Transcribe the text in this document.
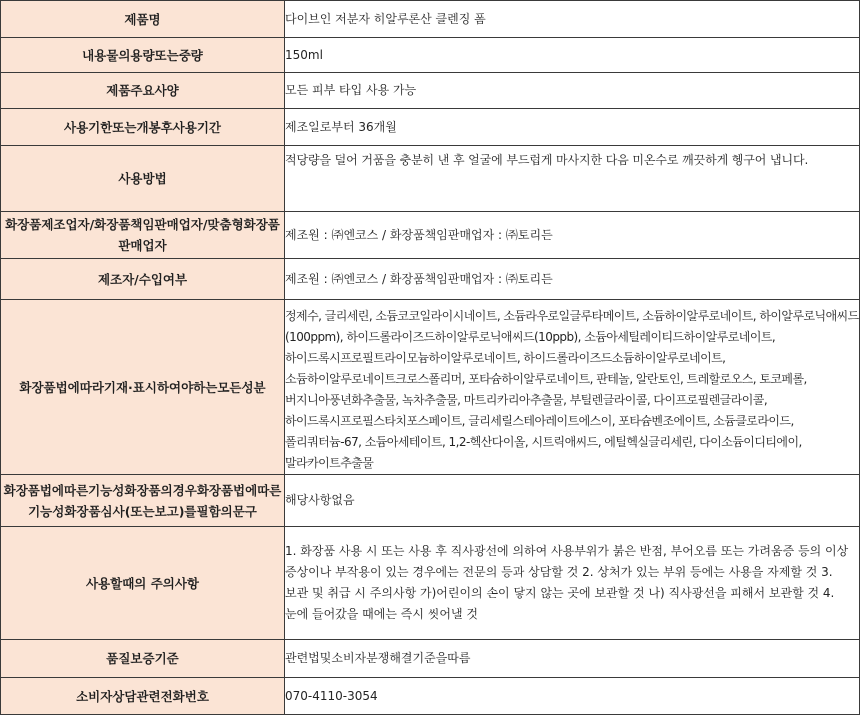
제품명	다이브인 저분자 히알루론산 클렌징 폼
내용물의용량또는중량	150ml
제품주요사양	모든 피부 타입 사용 가능
사용기한또는개봉후사용기간	제조일로부터 36개월
사용방법	적당량을 덜어 거품을 충분히 낸 후 얼굴에 부드럽게 마사지한 다음 미온수로 깨끗하게 헹구어 냅니다.
화장품제조업자/화장품책임판매업자/맞춤형화장품판매업자	제조원 : ㈜엔코스 / 화장품책임판매업자 : ㈜토리든
제조자/수입여부	제조원 : ㈜엔코스 / 화장품책임판매업자 : ㈜토리든
화장품법에따라기재·표시하여야하는모든성분	정제수, 글리세린, 소듐코코일라이시네이트, 소듐라우로일글루타메이트, 소듐하이알루로네이트, 하이알루로닉애씨드(100ppm), 하이드롤라이즈드하이알루로닉애씨드(10ppb), 소듐아세틸레이티드하이알루로네이트, 하이드록시프로필트라이모늄하이알루로네이트, 하이드롤라이즈드소듐하이알루로네이트, 소듐하이알루로네이트크로스폴리머, 포타슘하이알루로네이트, 판테놀, 알란토인, 트레할로오스, 토코페롤, 버지니아풍년화추출물, 녹차추출물, 마트리카리아추출물, 부틸렌글라이콜, 다이프로필렌글라이콜, 하이드록시프로필스타치포스페이트, 글리세릴스테아레이트에스이, 포타슘벤조에이트, 소듐클로라이드, 폴리쿼터늄-67, 소듐아세테이트, 1,2-헥산다이올, 시트릭애씨드, 에틸헥실글리세린, 다이소듐이디티에이, 말라카이트추출물
화장품법에따른기능성화장품의경우화장품법에따른기능성화장품심사(또는보고)를필함의문구	해당사항없음
사용할때의 주의사항	1. 화장품 사용 시 또는 사용 후 직사광선에 의하여 사용부위가 붉은 반점, 부어오름 또는 가려움증 등의 이상 증상이나 부작용이 있는 경우에는 전문의 등과 상담할 것 2. 상처가 있는 부위 등에는 사용을 자제할 것 3. 보관 및 취급 시 주의사항 가)어린이의 손이 닿지 않는 곳에 보관할 것 나) 직사광선을 피해서 보관할 것 4. 눈에 들어갔을 때에는 즉시 씻어낼 것
품질보증기준	관련법및소비자분쟁해결기준을따름
소비자상담관련전화번호	070-4110-3054
